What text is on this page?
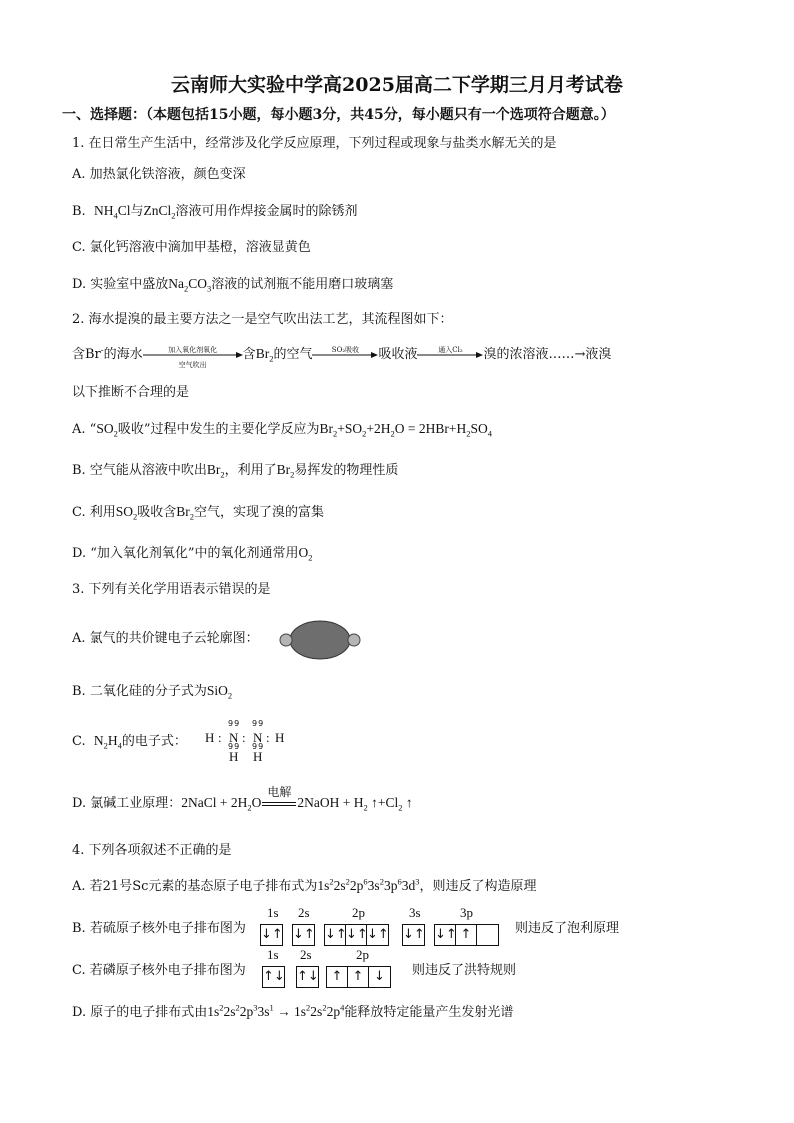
云南师大实验中学高2025届高二下学期三月月考试卷
一、选择题：（本题包括15小题，每小题3分，共45分，每小题只有一个选项符合题意。）
1. 在日常生产生活中，经常涉及化学反应原理，下列过程或现象与盐类水解无关的是
A. 加热氯化铁溶液，颜色变深
B. $NH_4Cl$与ZnCl$_2$溶液可用作焊接金属时的除锈剂
C. 氯化钙溶液中滴加甲基橙，溶液显黄色
D. 实验室中盛放$Na_2CO_3$溶液的试剂瓶不能用磨口玻璃塞
2. 海水提溴的最主要方法之一是空气吹出法工艺，其流程图如下：
含Br-的海水	加入氧化剂氧化
空气吹出
含$Br_2$的空气	SO₂吸收	吸收液	通入Cl₂	溴的浓溶液……→液溴
以下推断不合理的是
A. “$SO_2$吸收”过程中发生的主要化学反应为$Br_2+SO_2+2H_2O = 2HBr+H_2SO_4$
B. 空气能从溶液中吹出$Br_2$，利用了$Br_2$易挥发的物理性质
C. 利用$SO_2$吸收含$Br_2$空气，实现了溴的富集
D. “加入氧化剂氧化”中的氧化剂通常用$O_2$
3. 下列有关化学用语表示错误的是
A. 氯气的共价键电子云轮廓图：
B. 二氧化硅的分子式为SiO$_2$
C. $N_2H_4$的电子式：
99 99
H : N : N : H
99 99
H H
D. 氯碱工业原理：2NaCl + $2H_2O$
电解
2NaOH + $H_2$ $↑+Cl_2$ ↑
4. 下列各项叙述不正确的是
A. 若21号Sc元素的基态原子电子排布式为$1s^22s^22p^63s^23p^63d^3$，则违反了构造原理
B. 若硫原子核外电子排布图为
1s 2s	2p	3s	3p
↓↑ ↓↑ ↓↑ ↓↑ ↓↑ ↓↑ ↓↑ ↑	则违反了泡利原理
C. 若磷原子核外电子排布图为
1s 2s	2p
↑↓ ↑↓ ↑ ↑ ↓	则违反了洪特规则
D. 原子的电子排布式由$1s^22s^22p^33s^1 \to 1s^22s^22p^4$能释放特定能量产生发射光谱
